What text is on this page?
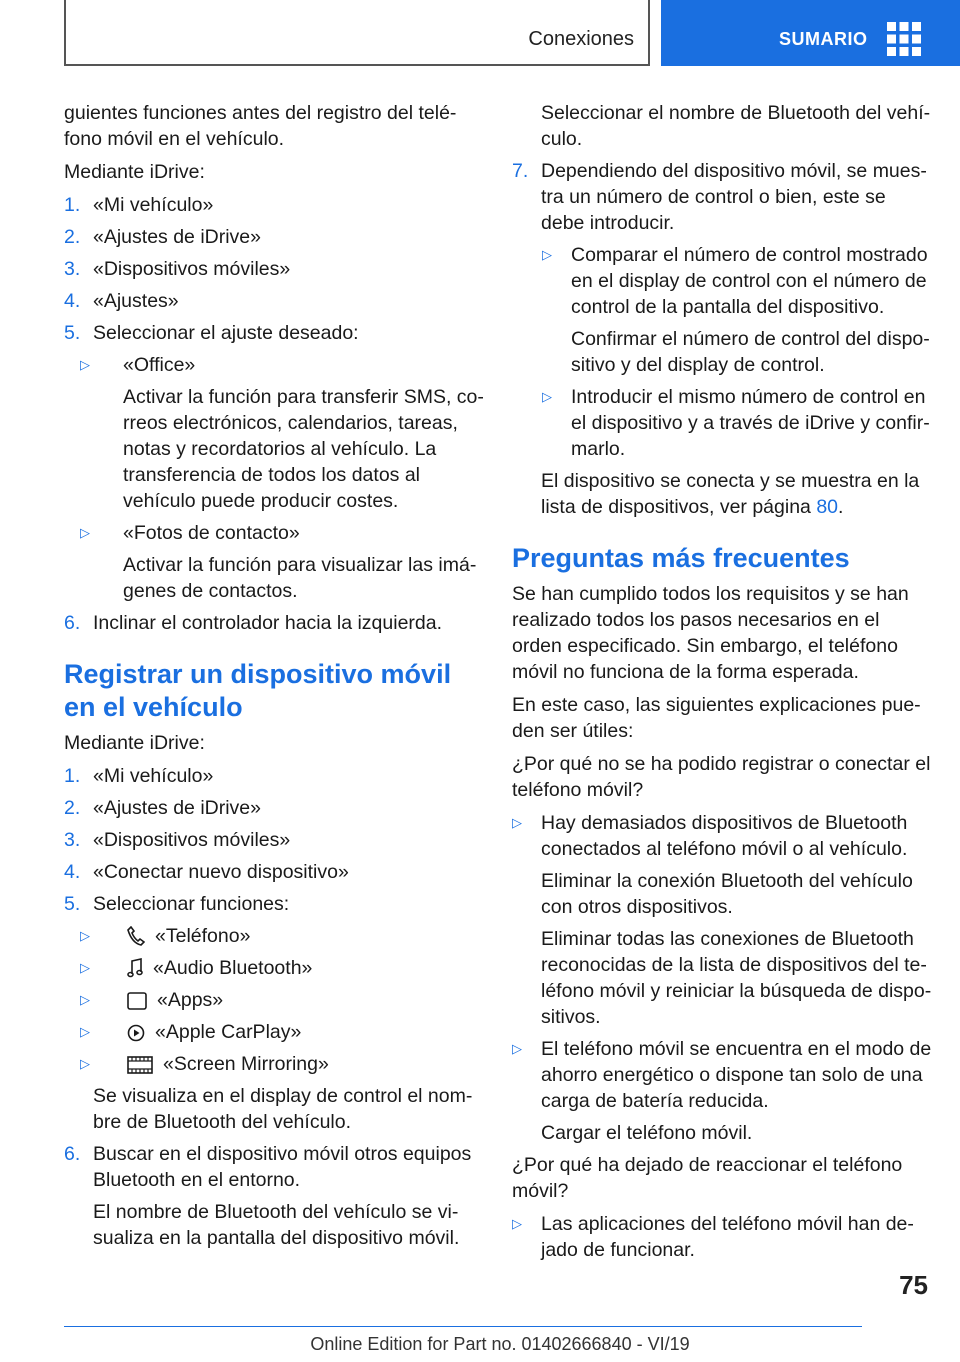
Conexiones	SUMARIO
guientes funciones antes del registro del teléfono móvil en el vehículo.
Mediante iDrive:
1. «Mi vehículo»
2. «Ajustes de iDrive»
3. «Dispositivos móviles»
4. «Ajustes»
5. Seleccionar el ajuste deseado:
▷ «Office»
Activar la función para transferir SMS, correos electrónicos, calendarios, tareas, notas y recordatorios al vehículo. La transferencia de todos los datos al vehículo puede producir costes.
▷ «Fotos de contacto»
Activar la función para visualizar las imágenes de contactos.
6. Inclinar el controlador hacia la izquierda.
Registrar un dispositivo móvil en el vehículo
Mediante iDrive:
1. «Mi vehículo»
2. «Ajustes de iDrive»
3. «Dispositivos móviles»
4. «Conectar nuevo dispositivo»
5. Seleccionar funciones:
▷	«Teléfono»
▷	«Audio Bluetooth»
▷	«Apps»
▷	«Apple CarPlay»
▷	«Screen Mirroring»
Se visualiza en el display de control el nombre de Bluetooth del vehículo.
6. Buscar en el dispositivo móvil otros equipos Bluetooth en el entorno.
El nombre de Bluetooth del vehículo se visualiza en la pantalla del dispositivo móvil.
Seleccionar el nombre de Bluetooth del vehículo.
7. Dependiendo del dispositivo móvil, se muestra un número de control o bien, este se debe introducir.
▷ Comparar el número de control mostrado en el display de control con el número de control de la pantalla del dispositivo.
Confirmar el número de control del dispositivo y del display de control.
▷ Introducir el mismo número de control en el dispositivo y a través de iDrive y confirmarlo.
El dispositivo se conecta y se muestra en la lista de dispositivos, ver página 80.
Preguntas más frecuentes
Se han cumplido todos los requisitos y se han realizado todos los pasos necesarios en el orden especificado. Sin embargo, el teléfono móvil no funciona de la forma esperada.
En este caso, las siguientes explicaciones pueden ser útiles:
¿Por qué no se ha podido registrar o conectar el teléfono móvil?
▷ Hay demasiados dispositivos de Bluetooth conectados al teléfono móvil o al vehículo.
Eliminar la conexión Bluetooth del vehículo con otros dispositivos.
Eliminar todas las conexiones de Bluetooth reconocidas de la lista de dispositivos del teléfono móvil y reiniciar la búsqueda de dispositivos.
▷ El teléfono móvil se encuentra en el modo de ahorro energético o dispone tan solo de una carga de batería reducida.
Cargar el teléfono móvil.
¿Por qué ha dejado de reaccionar el teléfono móvil?
▷ Las aplicaciones del teléfono móvil han dejado de funcionar.
75
Online Edition for Part no. 01402666840 - VI/19
